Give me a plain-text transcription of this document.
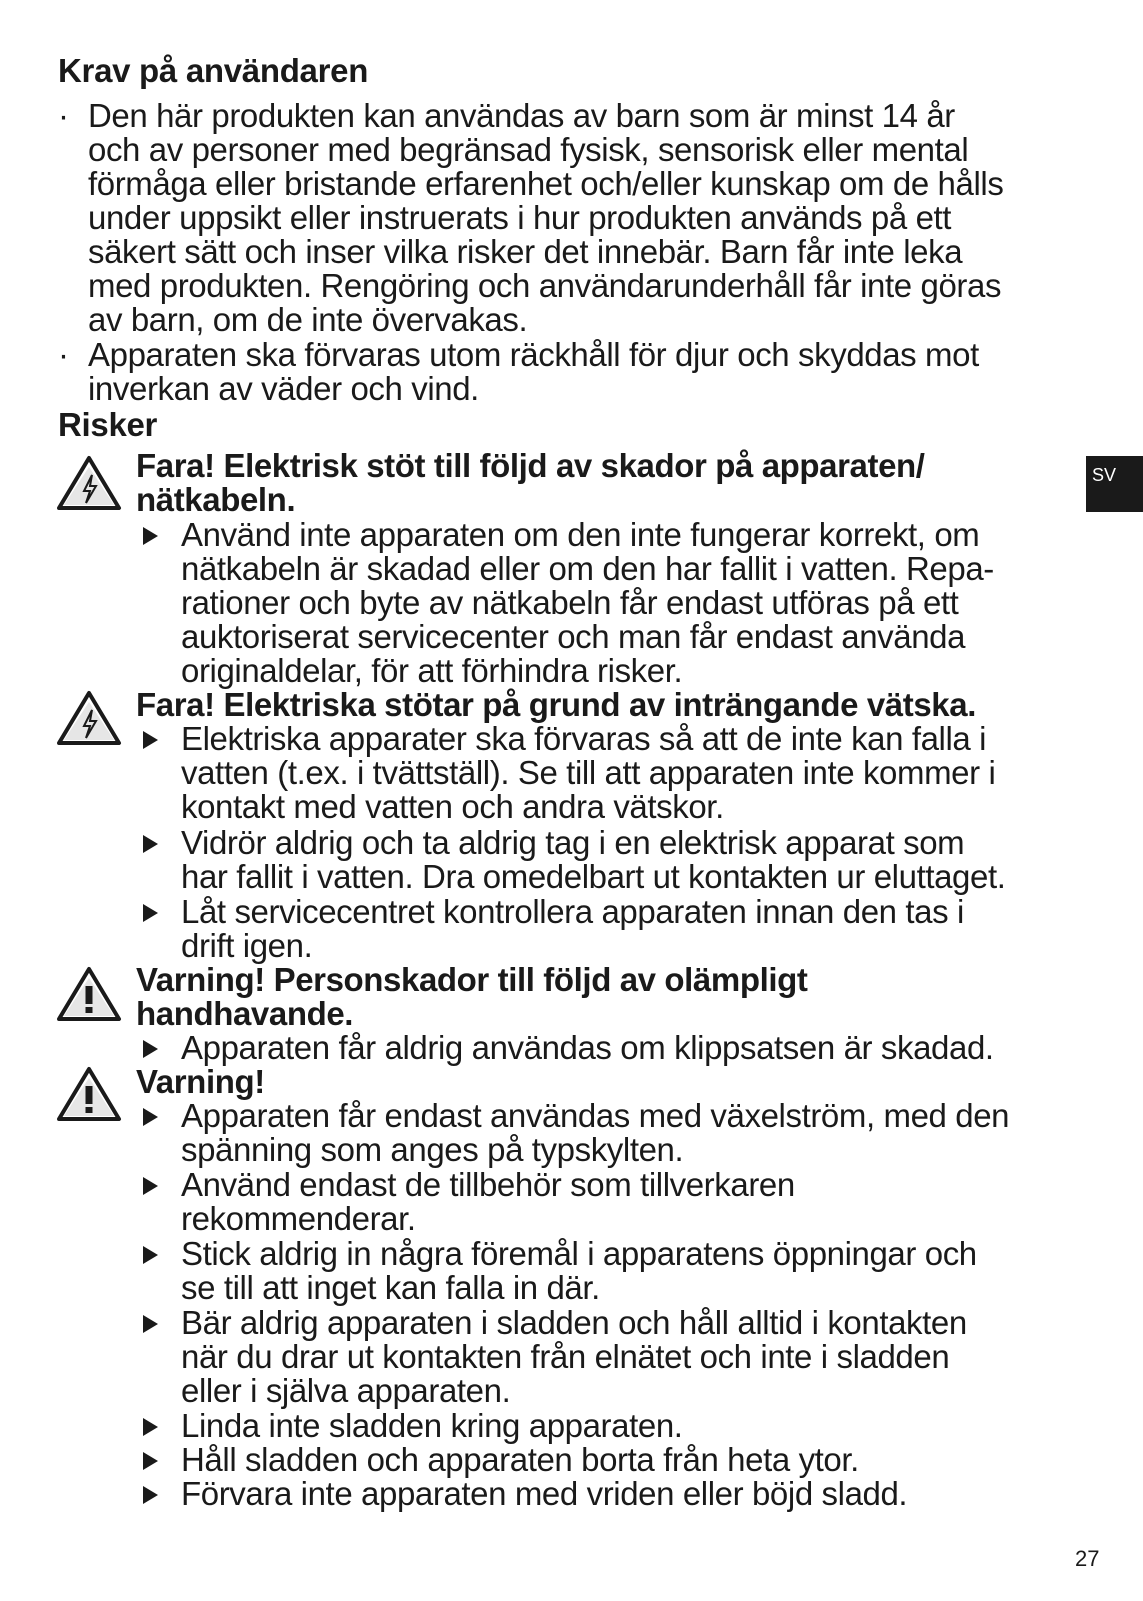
Krav på användaren
· Den här produkten kan användas av barn som är minst 14 år
och av personer med begränsad fysisk, sensorisk eller mental
förmåga eller bristande erfarenhet och/eller kunskap om de hålls
under uppsikt eller instruerats i hur produkten används på ett
säkert sätt och inser vilka risker det innebär. Barn får inte leka
med produkten. Rengöring och användarunderhåll får inte göras
av barn, om de inte övervakas.
· Apparaten ska förvaras utom räckhåll för djur och skyddas mot
inverkan av väder och vind.
Risker
Fara! Elektrisk stöt till följd av skador på apparaten/
nätkabeln.
Använd inte apparaten om den inte fungerar korrekt, om
nätkabeln är skadad eller om den har fallit i vatten. Repa-
rationer och byte av nätkabeln får endast utföras på ett
auktoriserat servicecenter och man får endast använda
originaldelar, för att förhindra risker.
Fara! Elektriska stötar på grund av inträngande vätska.
Elektriska apparater ska förvaras så att de inte kan falla i
vatten (t.ex. i tvättställ). Se till att apparaten inte kommer i
kontakt med vatten och andra vätskor.
Vidrör aldrig och ta aldrig tag i en elektrisk apparat som
har fallit i vatten. Dra omedelbart ut kontakten ur eluttaget.
Låt servicecentret kontrollera apparaten innan den tas i
drift igen.
Varning! Personskador till följd av olämpligt
handhavande.
Apparaten får aldrig användas om klippsatsen är skadad.
Varning!
Apparaten får endast användas med växelström, med den
spänning som anges på typskylten.
Använd endast de tillbehör som tillverkaren
rekommenderar.
Stick aldrig in några föremål i apparatens öppningar och
se till att inget kan falla in där.
Bär aldrig apparaten i sladden och håll alltid i kontakten
när du drar ut kontakten från elnätet och inte i sladden
eller i själva apparaten.
Linda inte sladden kring apparaten.
Håll sladden och apparaten borta från heta ytor.
Förvara inte apparaten med vriden eller böjd sladd.
SV
27
